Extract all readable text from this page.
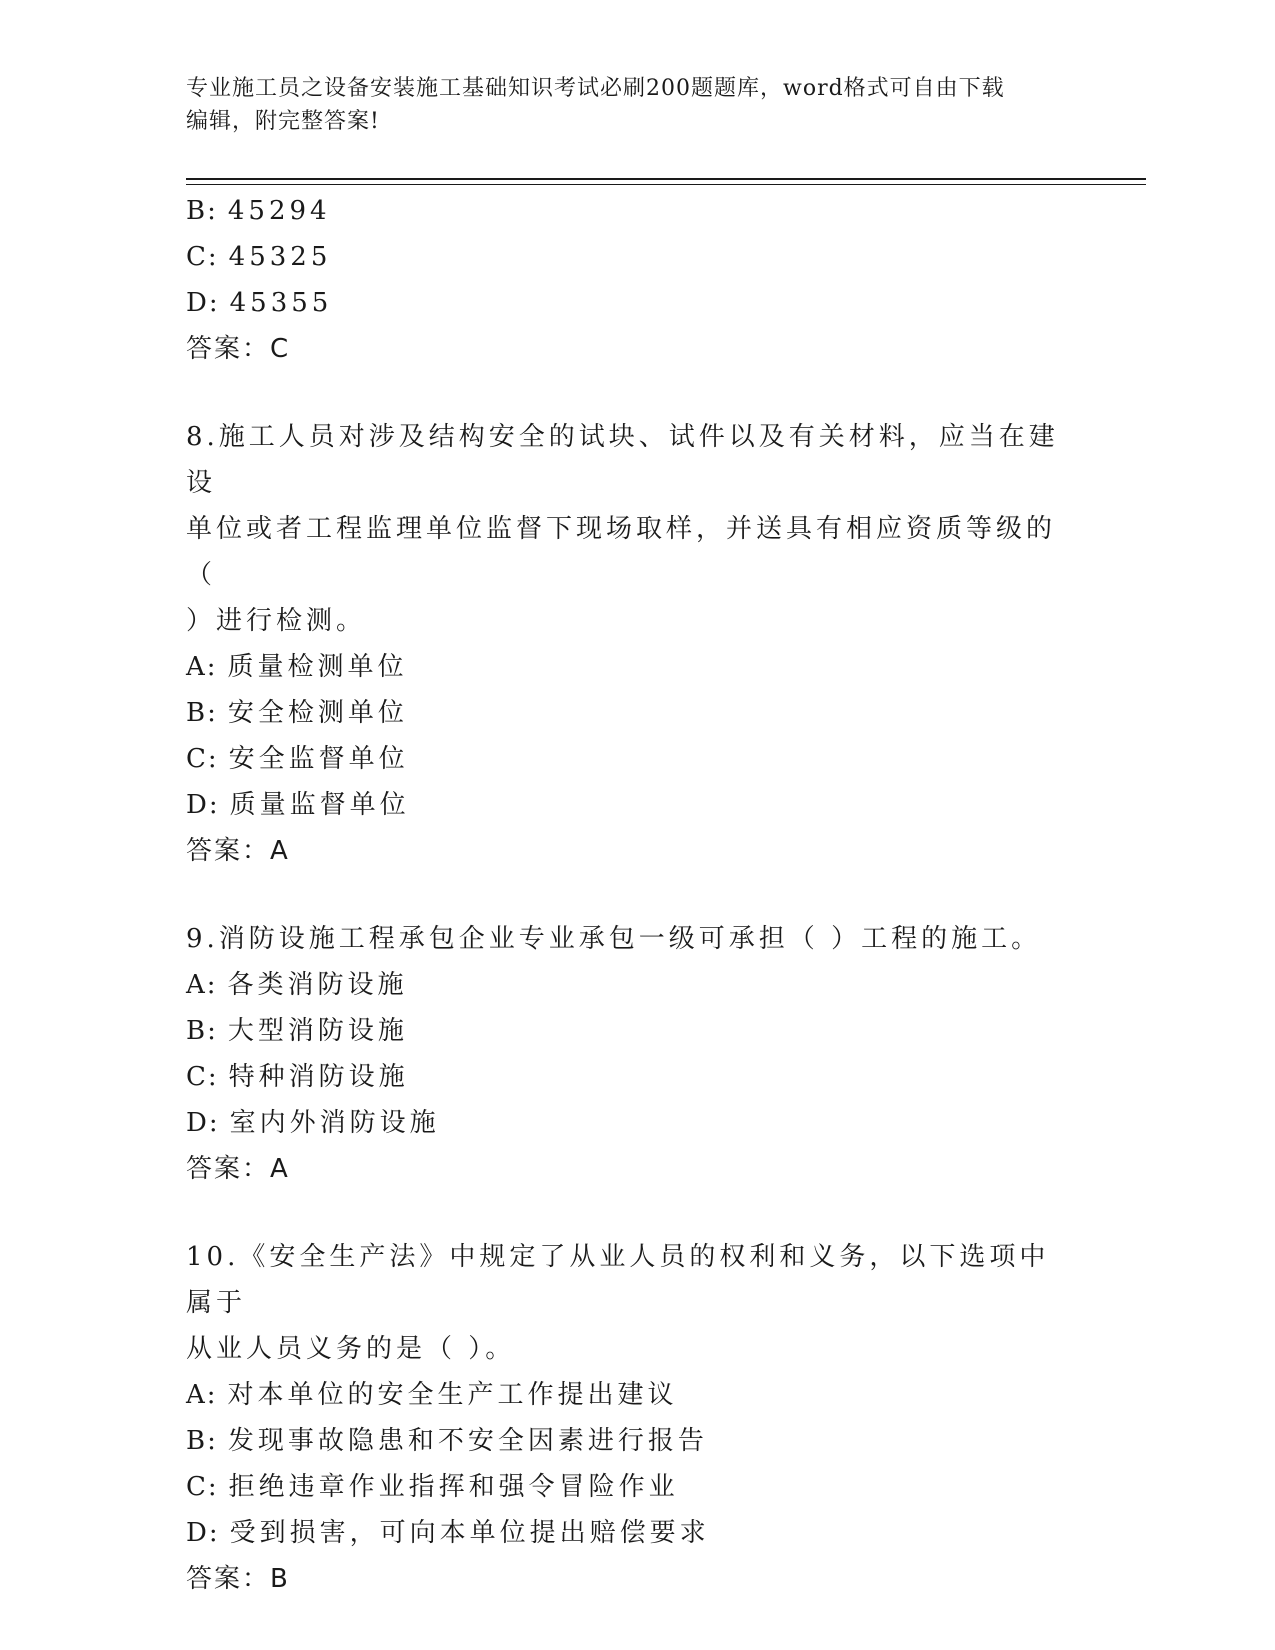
专业施工员之设备安装施工基础知识考试必刷200题题库，word格式可自由下载
编辑，附完整答案!
B: 45294
C: 45325
D: 45355
答案：C
8.施工人员对涉及结构安全的试块、试件以及有关材料，应当在建设
单位或者工程监理单位监督下现场取样，并送具有相应资质等级的（
）进行检测。
A: 质量检测单位
B: 安全检测单位
C: 安全监督单位
D: 质量监督单位
答案：A
9.消防设施工程承包企业专业承包一级可承担（ ）工程的施工。
A: 各类消防设施
B: 大型消防设施
C: 特种消防设施
D: 室内外消防设施
答案：A
10.《安全生产法》中规定了从业人员的权利和义务，以下选项中属于
从业人员义务的是（ ）。
A: 对本单位的安全生产工作提出建议
B: 发现事故隐患和不安全因素进行报告
C: 拒绝违章作业指挥和强令冒险作业
D: 受到损害，可向本单位提出赔偿要求
答案：B
